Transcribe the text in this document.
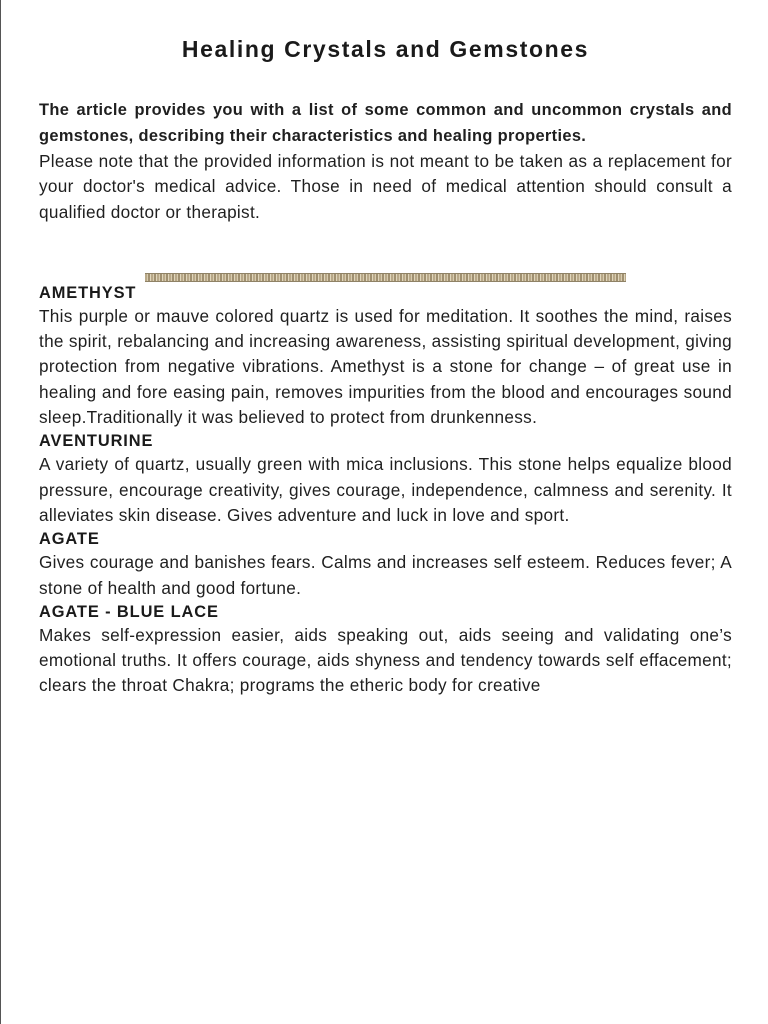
Healing Crystals and Gemstones

The article provides you with a list of some common and uncommon crystals and gemstones, describing their characteristics and healing properties.

Please note that the provided information is not meant to be taken as a replacement for your doctor's medical advice. Those in need of medical attention should consult a qualified doctor or therapist.

AMETHYST

This purple or mauve colored quartz is used for meditation. It soothes the mind, raises the spirit, rebalancing and increasing awareness, assisting spiritual development, giving protection from negative vibrations. Amethyst is a stone for change – of great use in healing and fore easing pain, removes impurities from the blood and encourages sound sleep.Traditionally it was believed to protect from drunkenness.

AVENTURINE

A variety of quartz, usually green with mica inclusions. This stone helps equalize blood pressure, encourage creativity, gives courage, independence, calmness and serenity. It alleviates skin disease. Gives adventure and luck in love and sport.

AGATE

Gives courage and banishes fears. Calms and increases self esteem. Reduces fever; A stone of health and good fortune.

AGATE - BLUE LACE

Makes self-expression easier, aids speaking out, aids seeing and validating one’s emotional truths. It offers courage, aids shyness and tendency towards self effacement; clears the throat Chakra; programs the etheric body for creative
